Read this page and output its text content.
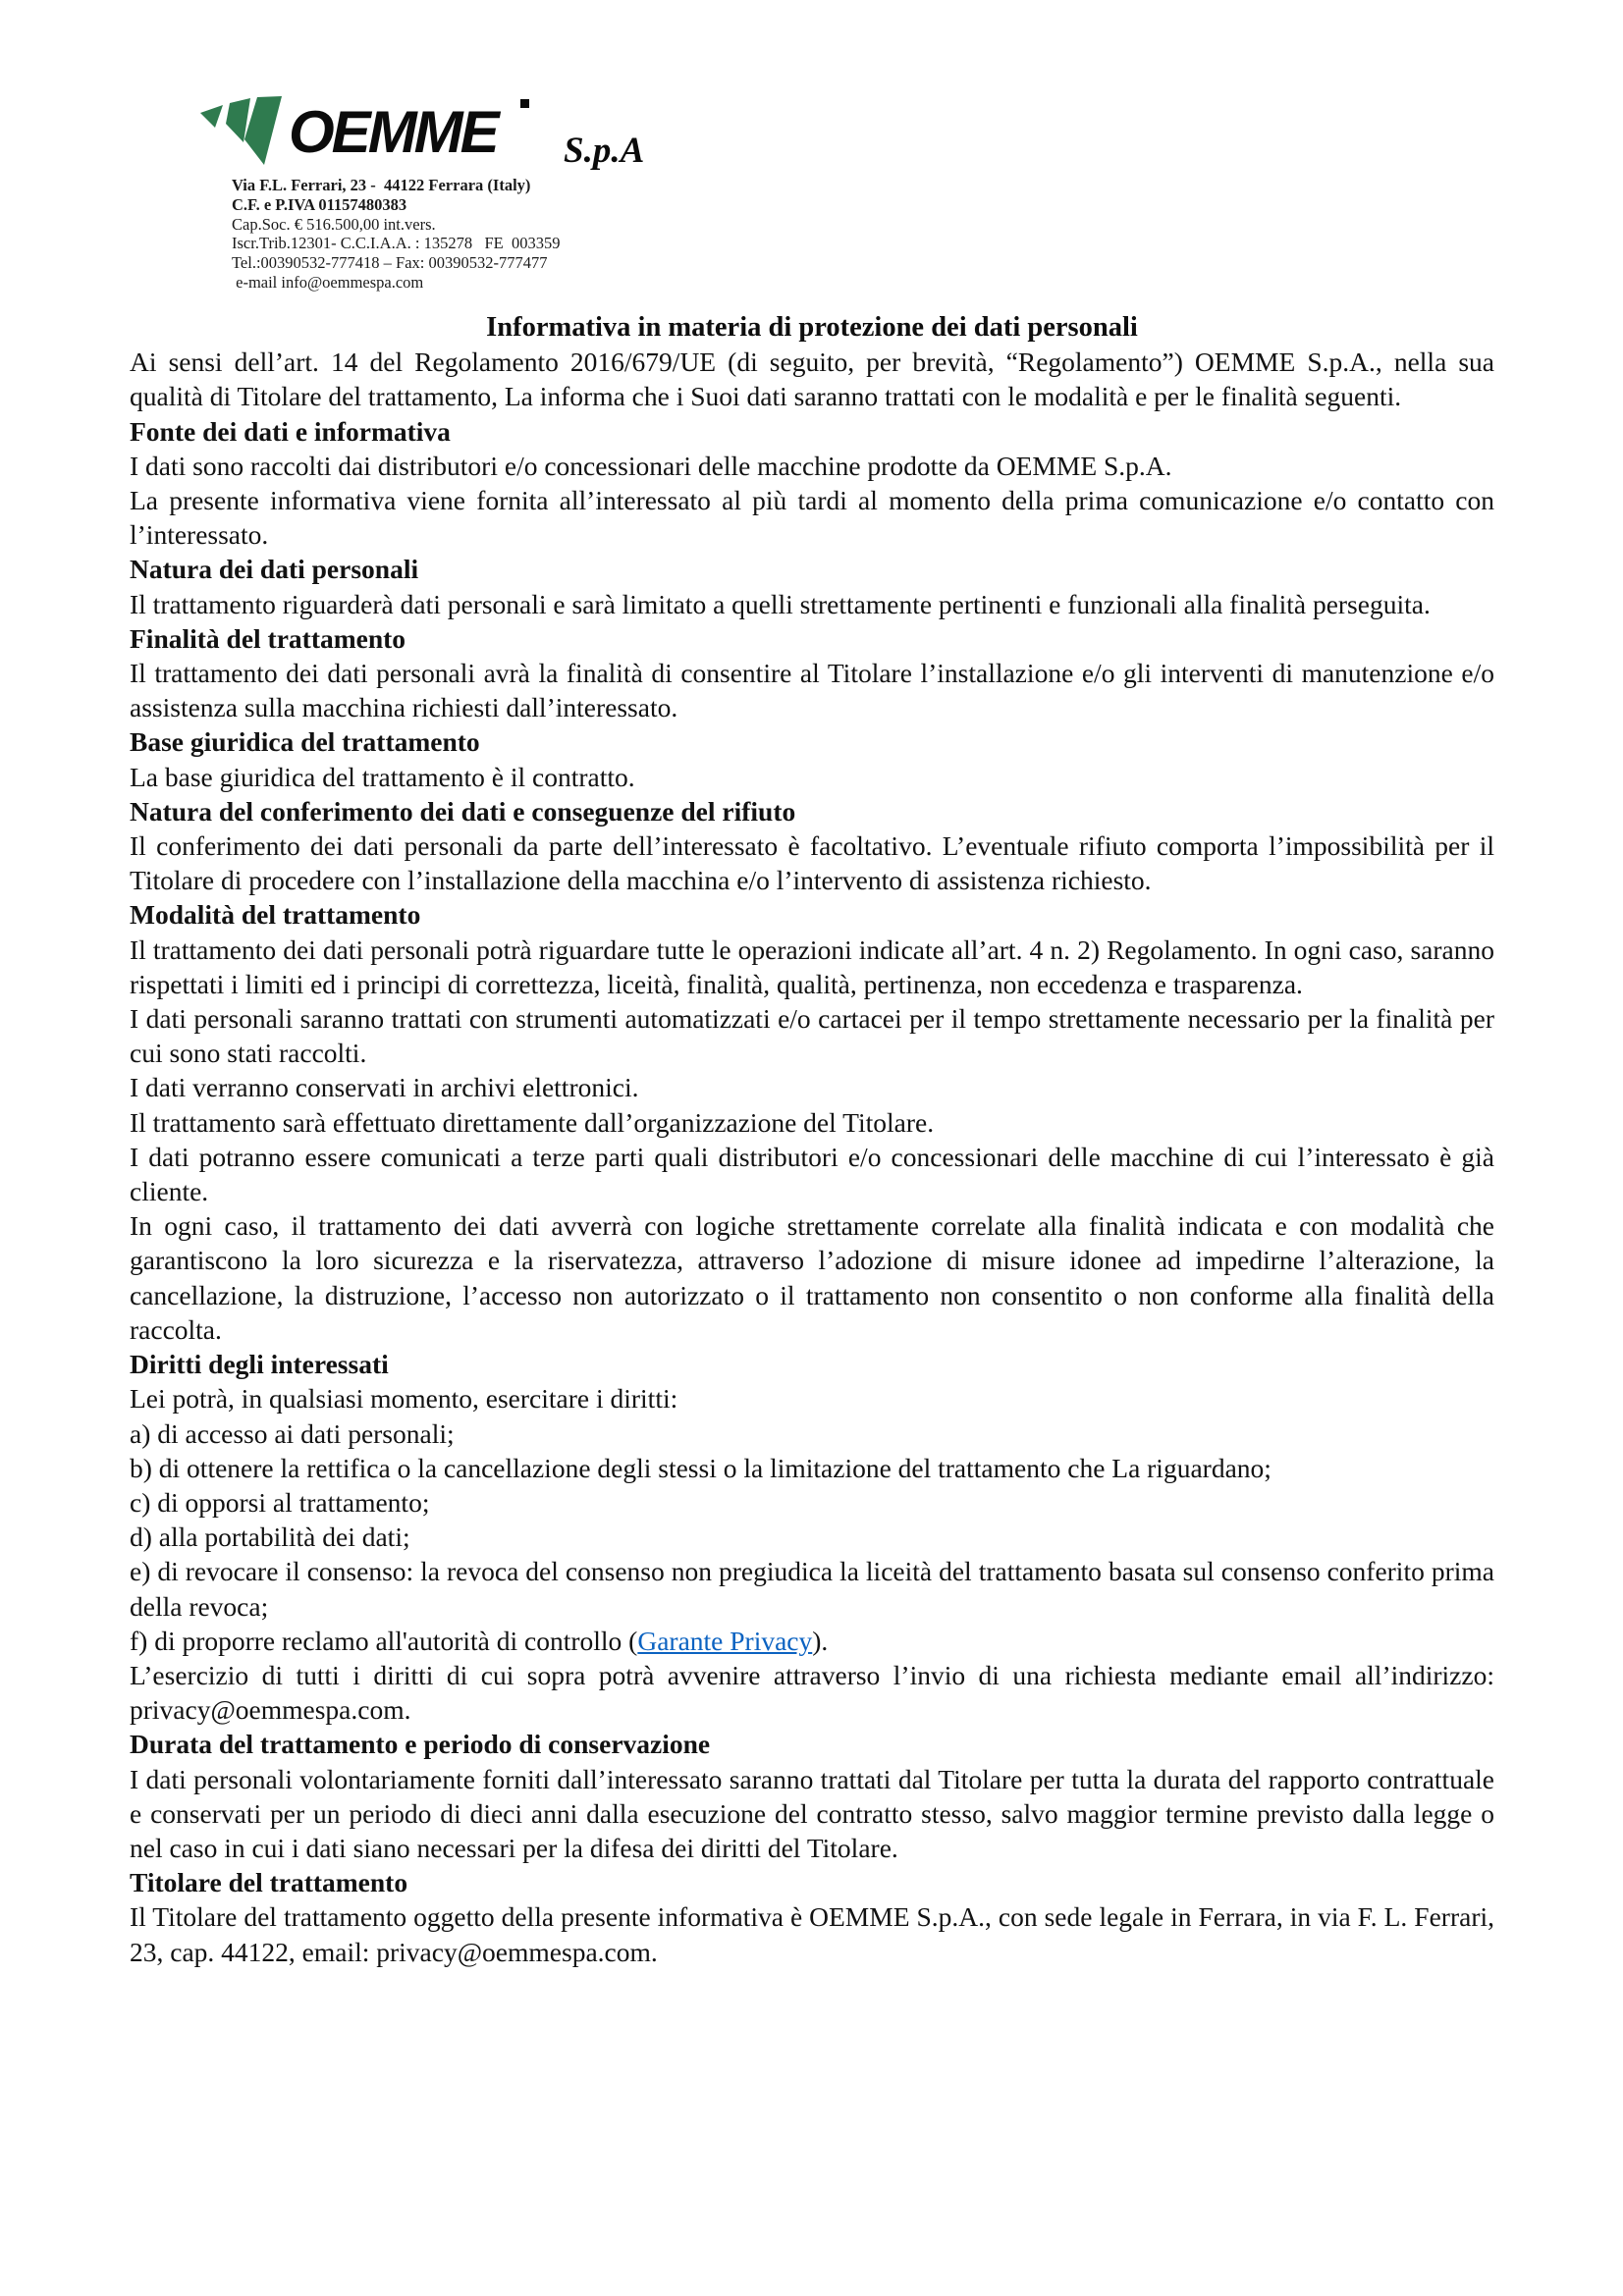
OEMME S.p.A
Via F.L. Ferrari, 23 -  44122 Ferrara (Italy)
C.F. e P.IVA 01157480383
Cap.Soc. € 516.500,00 int.vers.
Iscr.Trib.12301- C.C.I.A.A. : 135278   FE  003359
Tel.:00390532-777418 – Fax: 00390532-777477
e-mail info@oemmespa.com
Informativa in materia di protezione dei dati personali

Ai sensi dell’art. 14 del Regolamento 2016/679/UE (di seguito, per brevità, “Regolamento”) OEMME S.p.A., nella sua qualità di Titolare del trattamento, La informa che i Suoi dati saranno trattati con le modalità e per le finalità seguenti.

Fonte dei dati e informativa

I dati sono raccolti dai distributori e/o concessionari delle macchine prodotte da OEMME S.p.A.

La presente informativa viene fornita all’interessato al più tardi al momento della prima comunicazione e/o contatto con l’interessato.

Natura dei dati personali

Il trattamento riguarderà dati personali e sarà limitato a quelli strettamente pertinenti e funzionali alla finalità perseguita.

Finalità del trattamento

Il trattamento dei dati personali avrà la finalità di consentire al Titolare l’installazione e/o gli interventi di manutenzione e/o assistenza sulla macchina richiesti dall’interessato.

Base giuridica del trattamento

La base giuridica del trattamento è il contratto.

Natura del conferimento dei dati e conseguenze del rifiuto

Il conferimento dei dati personali da parte dell’interessato è facoltativo. L’eventuale rifiuto comporta l’impossibilità per il Titolare di procedere con l’installazione della macchina e/o l’intervento di assistenza richiesto.

Modalità del trattamento

Il trattamento dei dati personali potrà riguardare tutte le operazioni indicate all’art. 4 n. 2) Regolamento. In ogni caso, saranno rispettati i limiti ed i principi di correttezza, liceità, finalità, qualità, pertinenza, non eccedenza e trasparenza.

I dati personali saranno trattati con strumenti automatizzati e/o cartacei per il tempo strettamente necessario per la finalità per cui sono stati raccolti.

I dati verranno conservati in archivi elettronici.

Il trattamento sarà effettuato direttamente dall’organizzazione del Titolare.

I dati potranno essere comunicati a terze parti quali distributori e/o concessionari delle macchine di cui l’interessato è già cliente.

In ogni caso, il trattamento dei dati avverrà con logiche strettamente correlate alla finalità indicata e con modalità che garantiscono la loro sicurezza e la riservatezza, attraverso l’adozione di misure idonee ad impedirne l’alterazione, la cancellazione, la distruzione, l’accesso non autorizzato o il trattamento non consentito o non conforme alla finalità della raccolta.

Diritti degli interessati

Lei potrà, in qualsiasi momento, esercitare i diritti:

a) di accesso ai dati personali;

b) di ottenere la rettifica o la cancellazione degli stessi o la limitazione del trattamento che La riguardano;

c) di opporsi al trattamento;

d) alla portabilità dei dati;

e) di revocare il consenso: la revoca del consenso non pregiudica la liceità del trattamento basata sul consenso conferito prima della revoca;

f) di proporre reclamo all'autorità di controllo (Garante Privacy).

L’esercizio di tutti i diritti di cui sopra potrà avvenire attraverso l’invio di una richiesta mediante email all’indirizzo: privacy@oemmespa.com.

Durata del trattamento e periodo di conservazione

I dati personali volontariamente forniti dall’interessato saranno trattati dal Titolare per tutta la durata del rapporto contrattuale e conservati per un periodo di dieci anni dalla esecuzione del contratto stesso, salvo maggior termine previsto dalla legge o nel caso in cui i dati siano necessari per la difesa dei diritti del Titolare.

Titolare del trattamento

Il Titolare del trattamento oggetto della presente informativa è OEMME S.p.A., con sede legale in Ferrara, in via F. L. Ferrari, 23, cap. 44122, email: privacy@oemmespa.com.
